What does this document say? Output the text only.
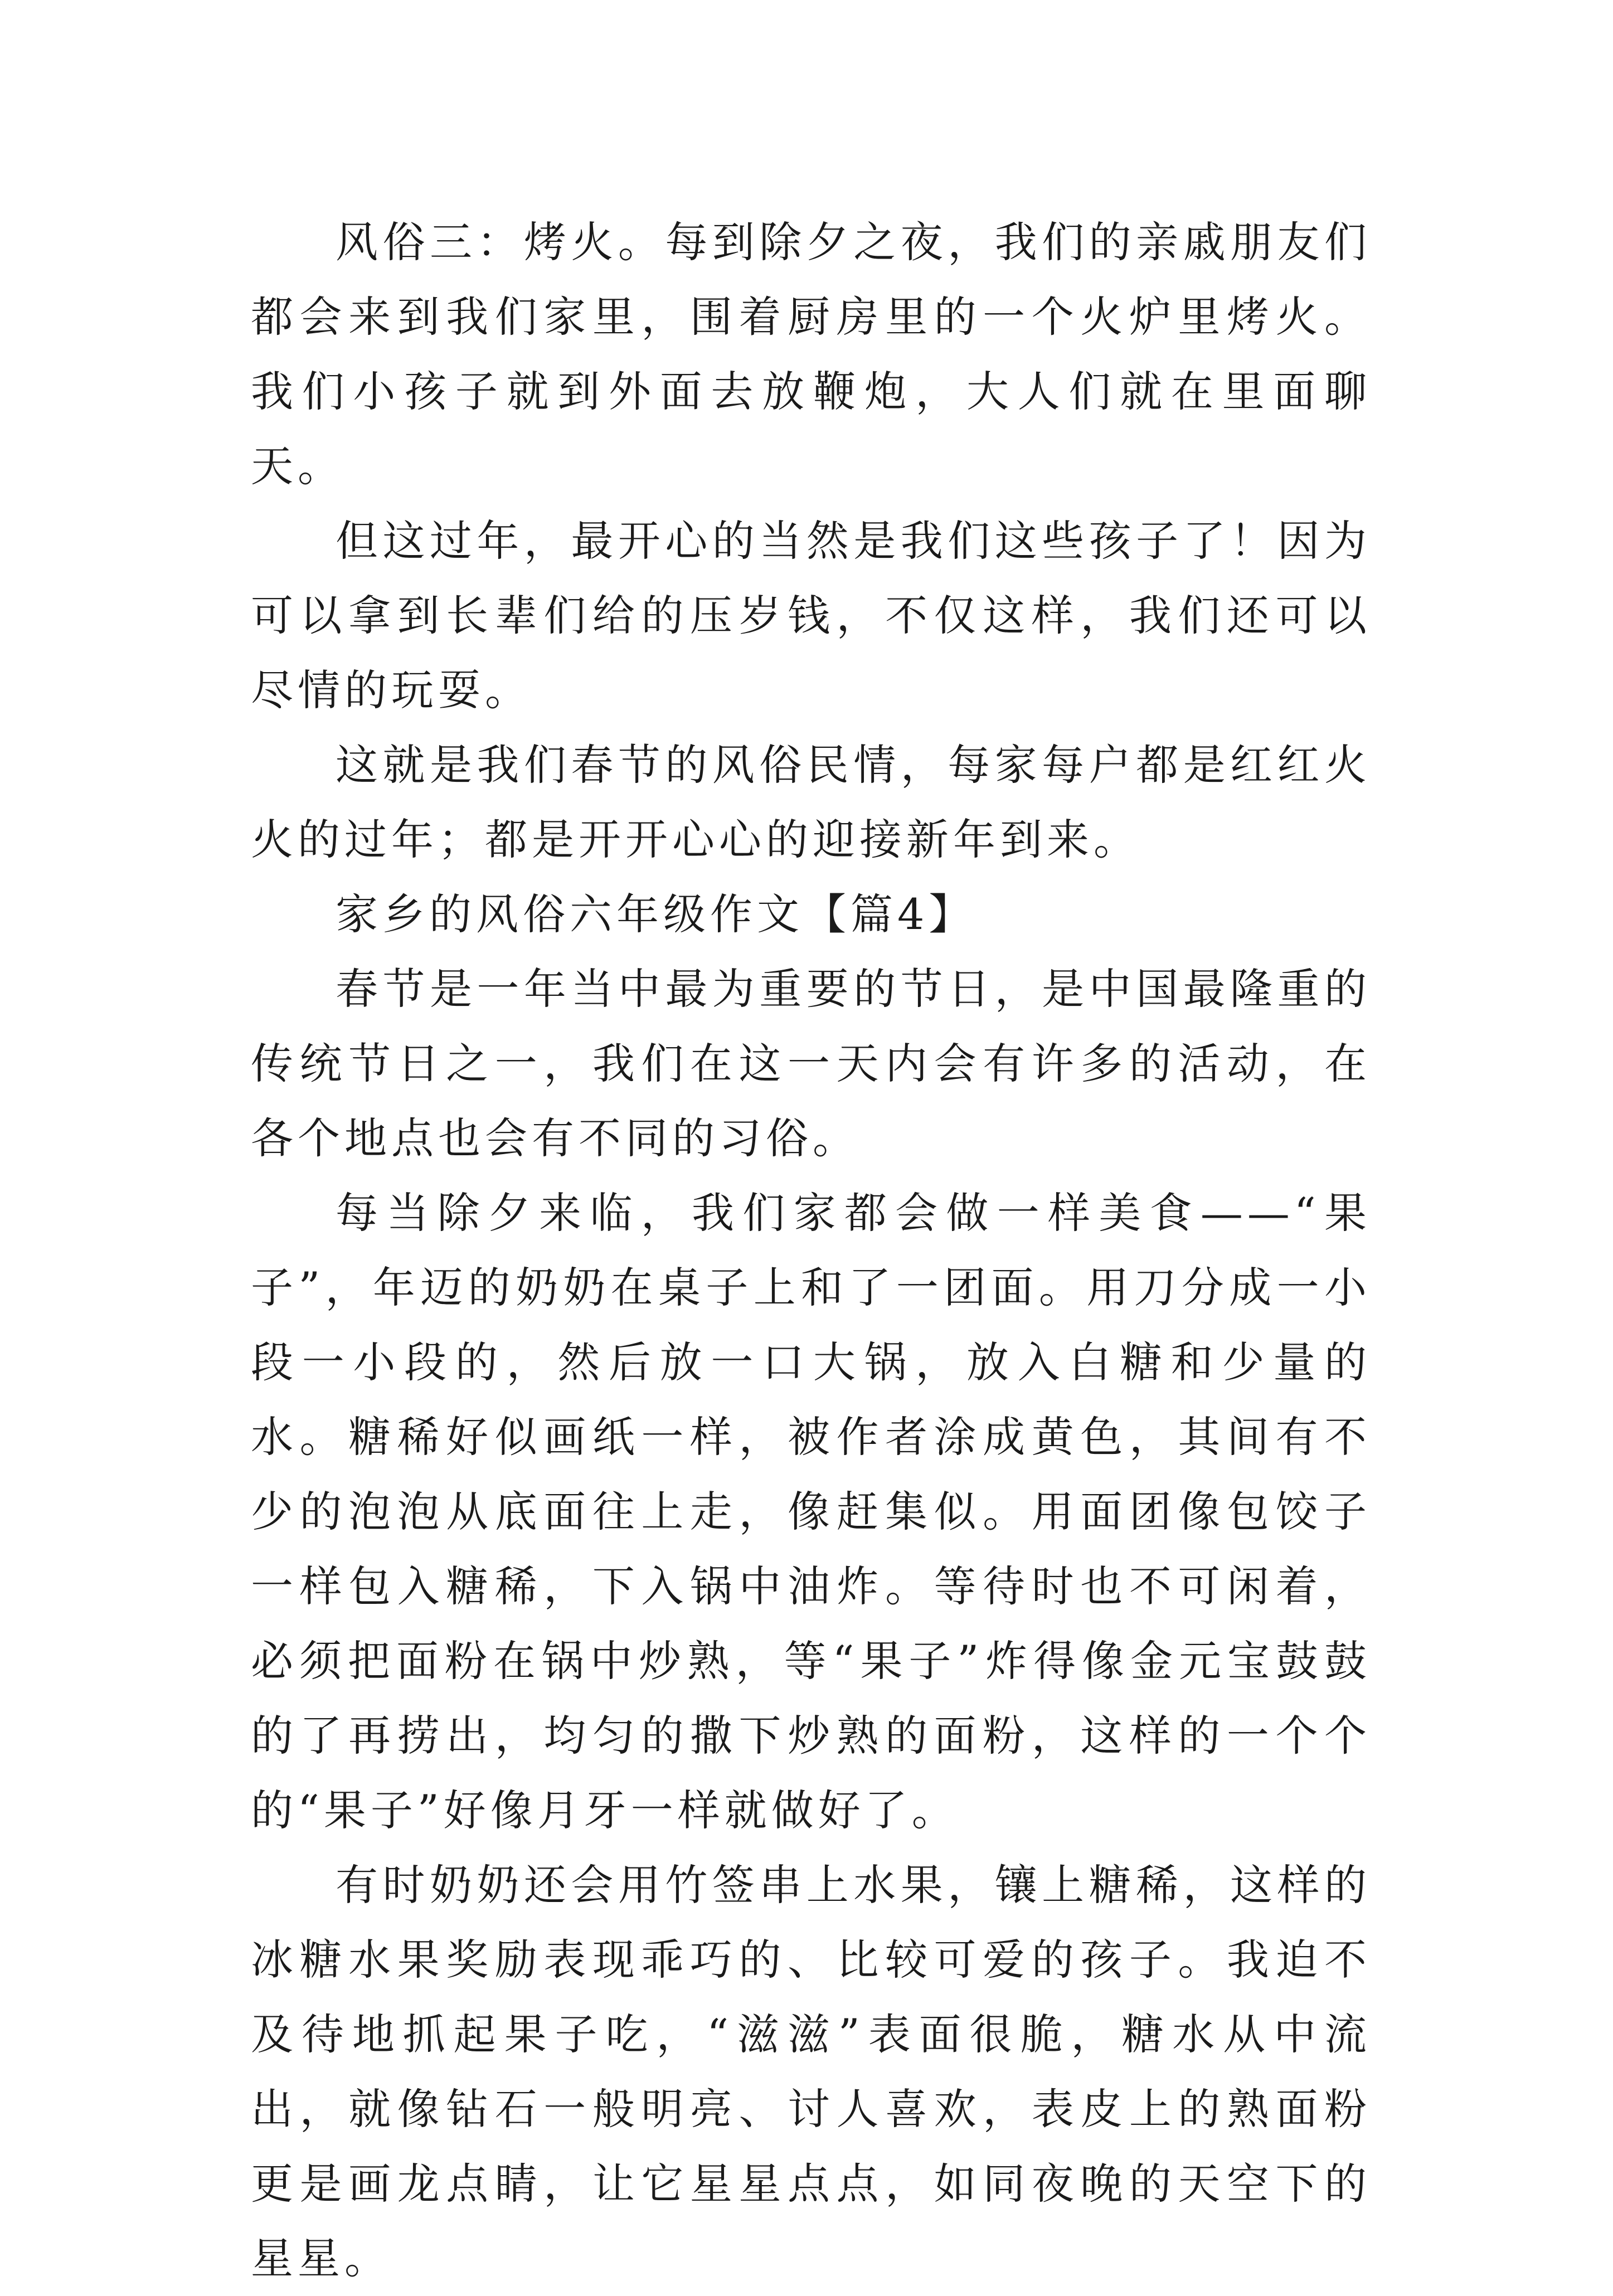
风俗三：烤火。每到除夕之夜，我们的亲戚朋友们都会来到我们家里，围着厨房里的一个火炉里烤火。我们小孩子就到外面去放鞭炮，大人们就在里面聊天。

但这过年，最开心的当然是我们这些孩子了！因为可以拿到长辈们给的压岁钱，不仅这样，我们还可以尽情的玩耍。

这就是我们春节的风俗民情，每家每户都是红红火火的过年；都是开开心心的迎接新年到来。

家乡的风俗六年级作文【篇4】

春节是一年当中最为重要的节日，是中国最隆重的传统节日之一，我们在这一天内会有许多的活动，在各个地点也会有不同的习俗。

每当除夕来临，我们家都会做一样美食——“果子”，年迈的奶奶在桌子上和了一团面。用刀分成一小段一小段的，然后放一口大锅，放入白糖和少量的水。糖稀好似画纸一样，被作者涂成黄色，其间有不少的泡泡从底面往上走，像赶集似。用面团像包饺子一样包入糖稀，下入锅中油炸。等待时也不可闲着，必须把面粉在锅中炒熟，等“果子”炸得像金元宝鼓鼓的了再捞出，均匀的撒下炒熟的面粉，这样的一个个的“果子”好像月牙一样就做好了。

有时奶奶还会用竹签串上水果，镶上糖稀，这样的冰糖水果奖励表现乖巧的、比较可爱的孩子。我迫不及待地抓起果子吃，“滋滋”表面很脆，糖水从中流出，就像钻石一般明亮、讨人喜欢，表皮上的熟面粉更是画龙点睛，让它星星点点，如同夜晚的天空下的星星。
